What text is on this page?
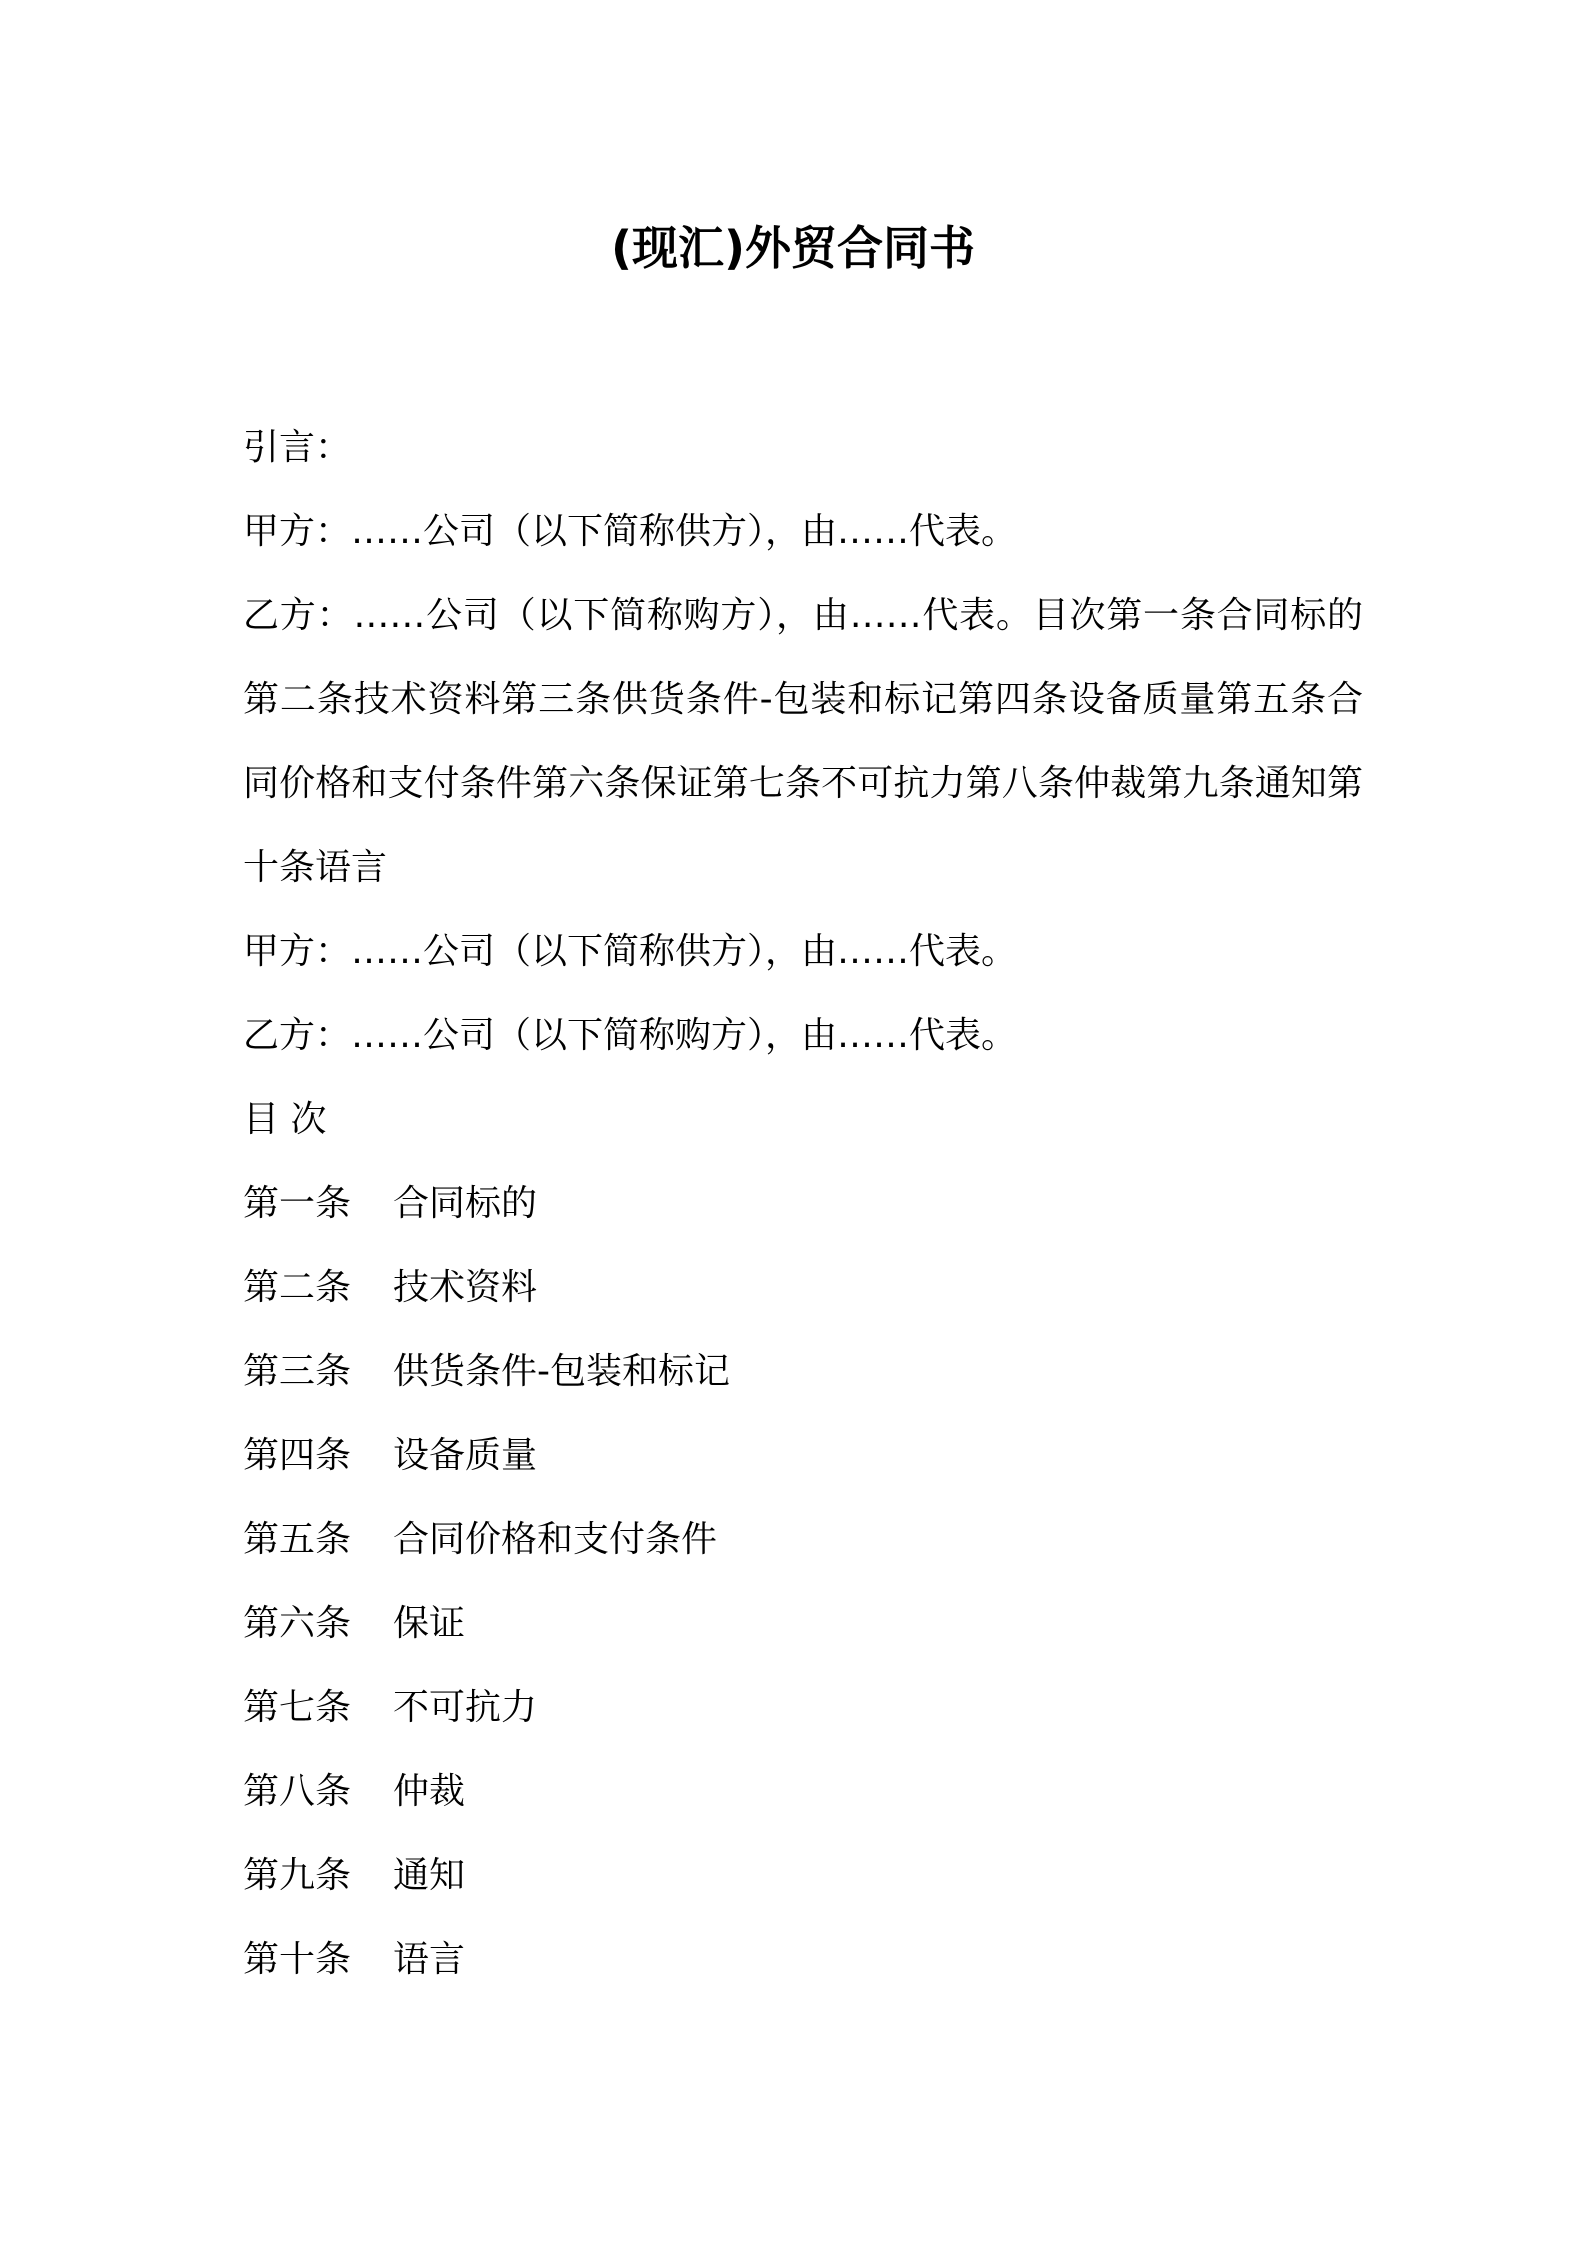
(现汇)外贸合同书

引言：

甲方：……公司（以下简称供方），由……代表。

乙方：……公司（以下简称购方），由……代表。目次第一条合同标的第二条技术资料第三条供货条件-包装和标记第四条设备质量第五条合同价格和支付条件第六条保证第七条不可抗力第八条仲裁第九条通知第十条语言

甲方：……公司（以下简称供方），由……代表。

乙方：……公司（以下简称购方），由……代表。

目 次

第一条 合同标的

第二条 技术资料

第三条 供货条件-包装和标记

第四条 设备质量

第五条 合同价格和支付条件

第六条 保证

第七条 不可抗力

第八条 仲裁

第九条 通知

第十条 语言
